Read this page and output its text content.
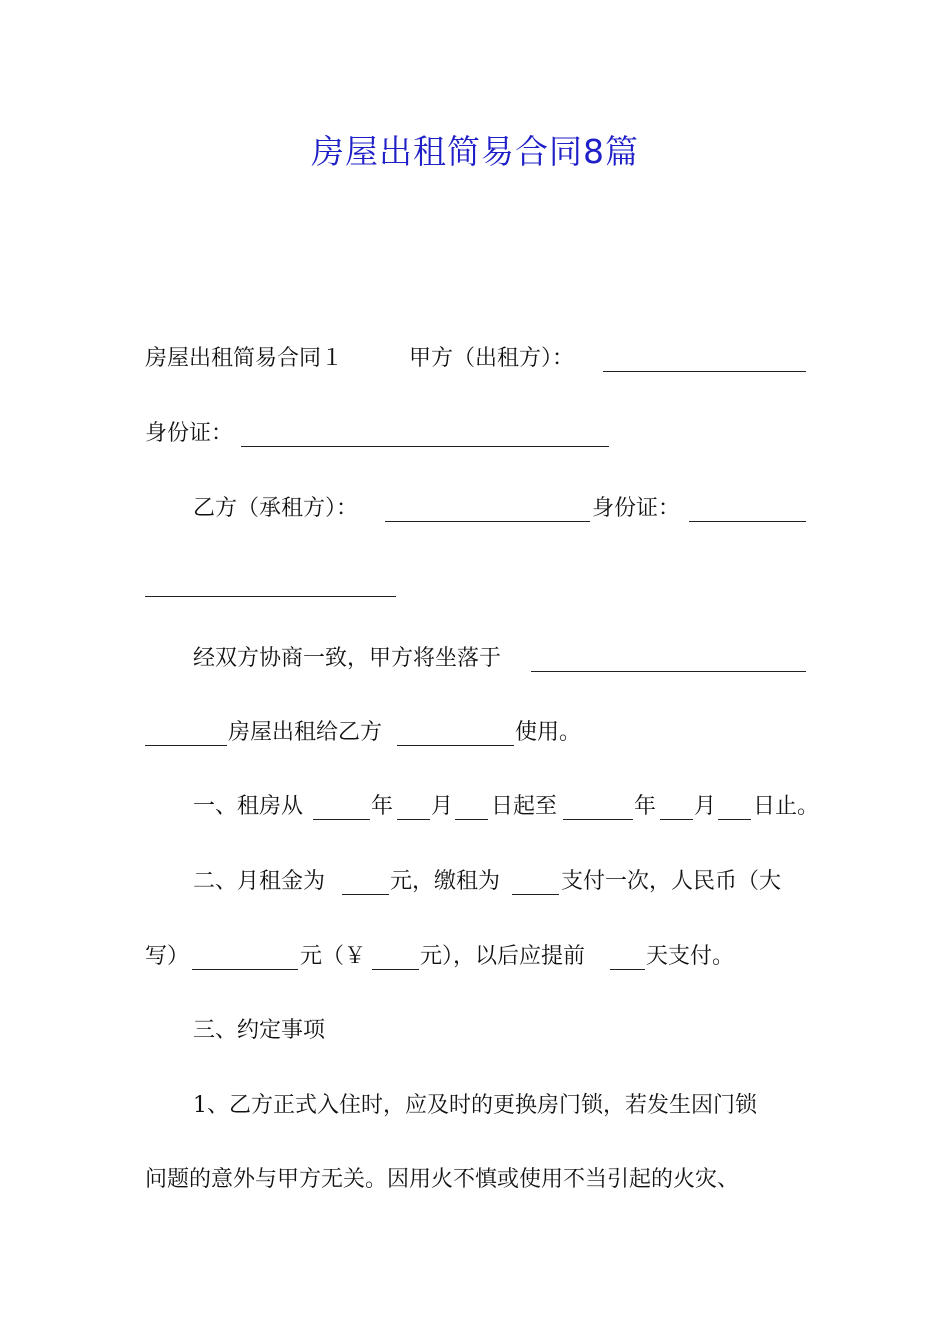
房屋出租简易合同8篇
房屋出租简易合同１	甲方（出租方）：
身份证：
乙方（承租方）：	身份证：
经双方协商一致，甲方将坐落于
房屋出租给乙方	使用。
一、租房从	年 月 日起至	年 月 日止。
二、月租金为	元，缴租为	支付一次，人民币（大
写）	元（￥ 元），以后应提前	天支付。
三、约定事项
1、乙方正式入住时，应及时的更换房门锁，若发生因门锁
问题的意外与甲方无关。因用火不慎或使用不当引起的火灾、
